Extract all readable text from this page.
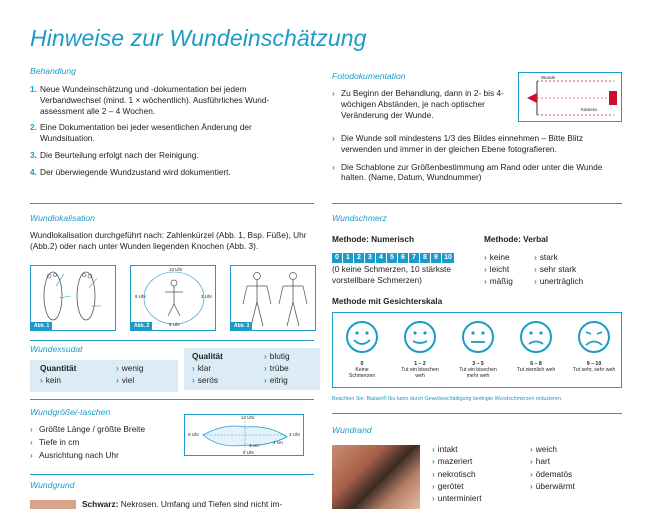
Hinweise zur Wundeinschätzung
Behandlung
1. Neue Wundeinschätzung und -dokumentation bei jedem Verbandwechsel (mind. 1 × wöchentlich). Ausführliches Wundassessment alle 2 – 4 Wochen.
2. Eine Dokumentation bei jeder wesentlichen Änderung der Wundsituation.
3. Die Beurteilung erfolgt nach der Reinigung.
4. Der überwiegende Wundzustand wird dokumentiert.
Fotodokumentation
› Zu Beginn der Behandlung, dann in 2- bis 4-wöchigen Abständen, je nach optischer Veränderung der Wunde.
› Die Wunde soll mindestens 1/3 des Bildes einnehmen – Bitte Blitz verwenden und immer in der gleichen Ebene fotografieren.
› Die Schablone zur Größenbestimmung am Rand oder unter die Wunde halten. (Name, Datum, Wundnummer)
Wunde
Kamera
Wundlokalisation
Wundlokalisation durchgeführt nach: Zahlenkürzel (Abb. 1, Bsp. Füße), Uhr (Abb.2) oder nach unter Wunden liegenden Knochen (Abb. 3).
Abb. 1
12 Uhr
9 Uhr	3 Uhr
6 Uhr
Abb. 2	Abb. 3
Wundexsudat
Quantität
› kein
› wenig
› viel
Qualität
› klar
› serös
› blutig
› trübe
› eitrig
Wundgröße/-taschen
› Größte Länge / größte Breite
› Tiefe in cm
› Ausrichtung nach Uhr
12 Uhr
9 Uhr	3 Uhr
6 Uhr
3 cm
4 cm
Wundgrund
Schwarz: Nekrosen. Umfang und Tiefen sind nicht im-
Wundschmerz
Methode: Numerisch	Methode: Verbal
0 1 2 3 4 5 6 7 8 9 10
(0 keine Schmerzen, 10 stärkste vorstellbare Schmerzen)
› keine
› leicht
› mäßig
› stark
› sehr stark
› unerträglich
Methode mit Gesichterskala
0
Keine Schmerzen
1 – 2
Tut ein bisschen weh
3 – 5
Tut ein bisschen mehr weh
6 – 8
Tut ziemlich weh
9 – 10
Tut sehr, sehr weh
Beachten Sie: Biatain® Ibu kann durch Gewebeschädigung bedingte Wundschmerzen reduzieren.
Wundrand
› intakt
› mazeriert
› nekrotisch
› gerötet
› unterminiert
› weich
› hart
› ödematös
› überwärmt
